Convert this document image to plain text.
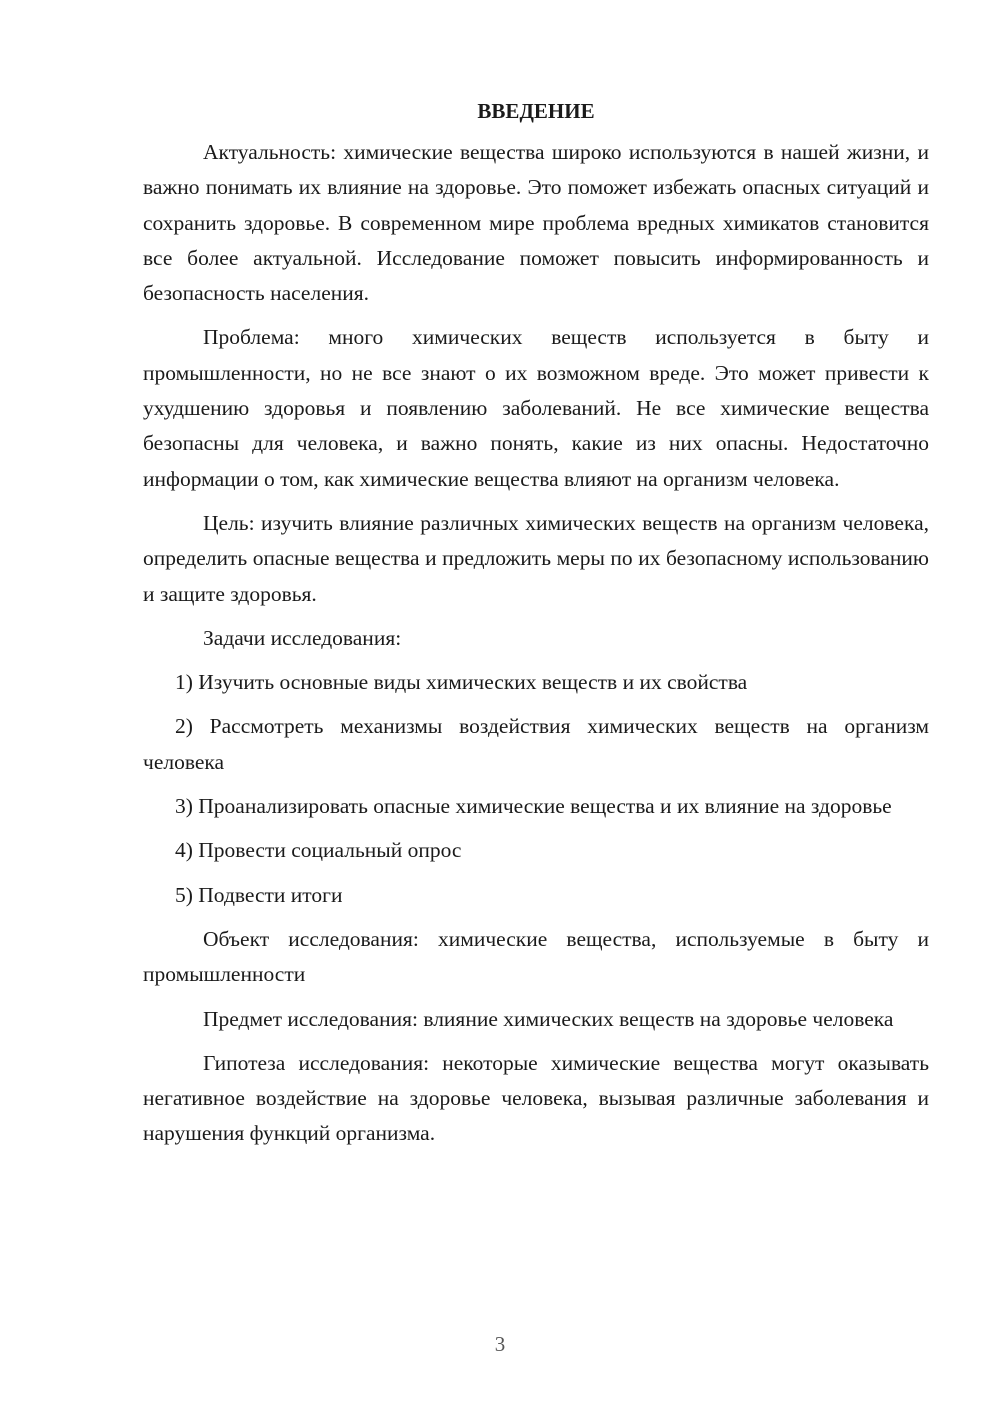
ВВЕДЕНИЕ

Актуальность: химические вещества широко используются в нашей жизни, и важно понимать их влияние на здоровье. Это поможет избежать опасных ситуаций и сохранить здоровье. В современном мире проблема вредных химикатов становится все более актуальной. Исследование поможет повысить информированность и безопасность населения.

Проблема: много химических веществ используется в быту и промышленности, но не все знают о их возможном вреде. Это может привести к ухудшению здоровья и появлению заболеваний. Не все химические вещества безопасны для человека, и важно понять, какие из них опасны. Недостаточно информации о том, как химические вещества влияют на организм человека.

Цель: изучить влияние различных химических веществ на организм человека, определить опасные вещества и предложить меры по их безопасному использованию и защите здоровья.

Задачи исследования:

1) Изучить основные виды химических веществ и их свойства

2) Рассмотреть механизмы воздействия химических веществ на организм человека

3) Проанализировать опасные химические вещества и их влияние на здоровье

4) Провести социальный опрос

5) Подвести итоги

Объект исследования: химические вещества, используемые в быту и промышленности

Предмет исследования: влияние химических веществ на здоровье человека

Гипотеза исследования: некоторые химические вещества могут оказывать негативное воздействие на здоровье человека, вызывая различные заболевания и нарушения функций организма.

3
